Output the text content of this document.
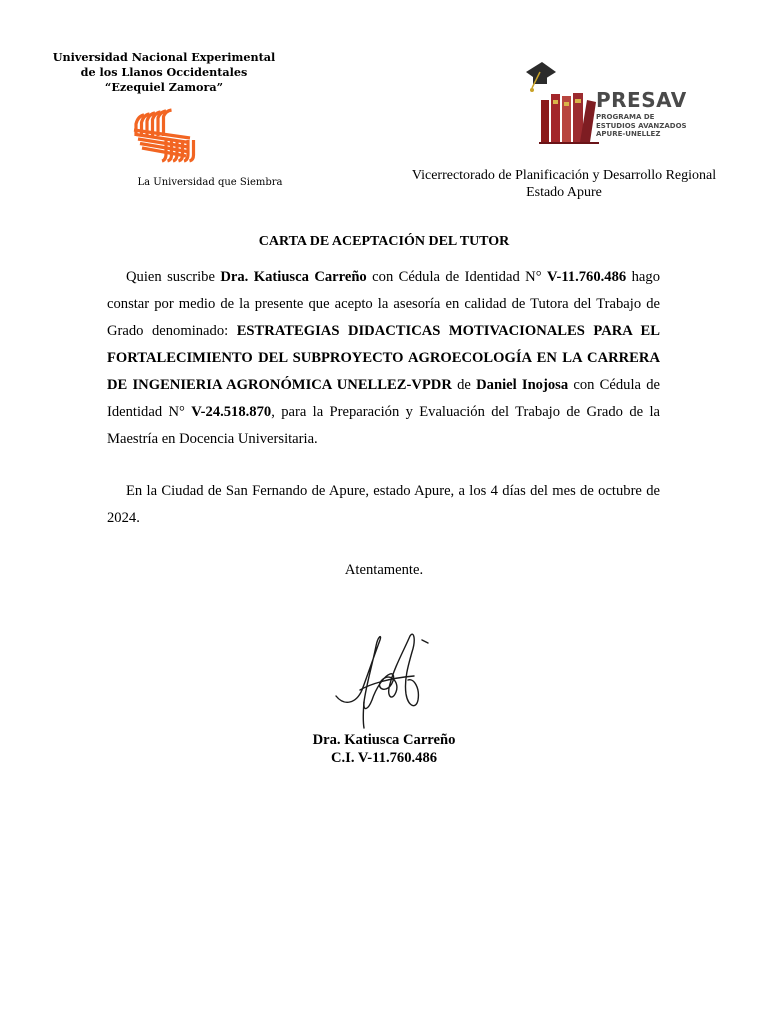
Universidad Nacional Experimental
de los Llanos Occidentales
“Ezequiel Zamora”
La Universidad que Siembra
PRESAV
PROGRAMA DE
ESTUDIOS AVANZADOS
APURE-UNELLEZ
Vicerrectorado de Planificación y Desarrollo Regional
Estado Apure
CARTA DE ACEPTACIÓN DEL TUTOR
Quien suscribe Dra. Katiusca Carreño con Cédula de Identidad N° V-11.760.486 hago constar por medio de la presente que acepto la asesoría en calidad de Tutora del Trabajo de Grado denominado: ESTRATEGIAS DIDACTICAS MOTIVACIONALES PARA EL FORTALECIMIENTO DEL SUBPROYECTO AGROECOLOGÍA EN LA CARRERA DE INGENIERIA AGRONÓMICA UNELLEZ-VPDR de Daniel Inojosa con Cédula de Identidad N° V-24.518.870, para la Preparación y Evaluación del Trabajo de Grado de la Maestría en Docencia Universitaria.
En la Ciudad de San Fernando de Apure, estado Apure, a los 4 días del mes de octubre de 2024.
Atentamente.
Dra. Katiusca Carreño
C.I. V-11.760.486
